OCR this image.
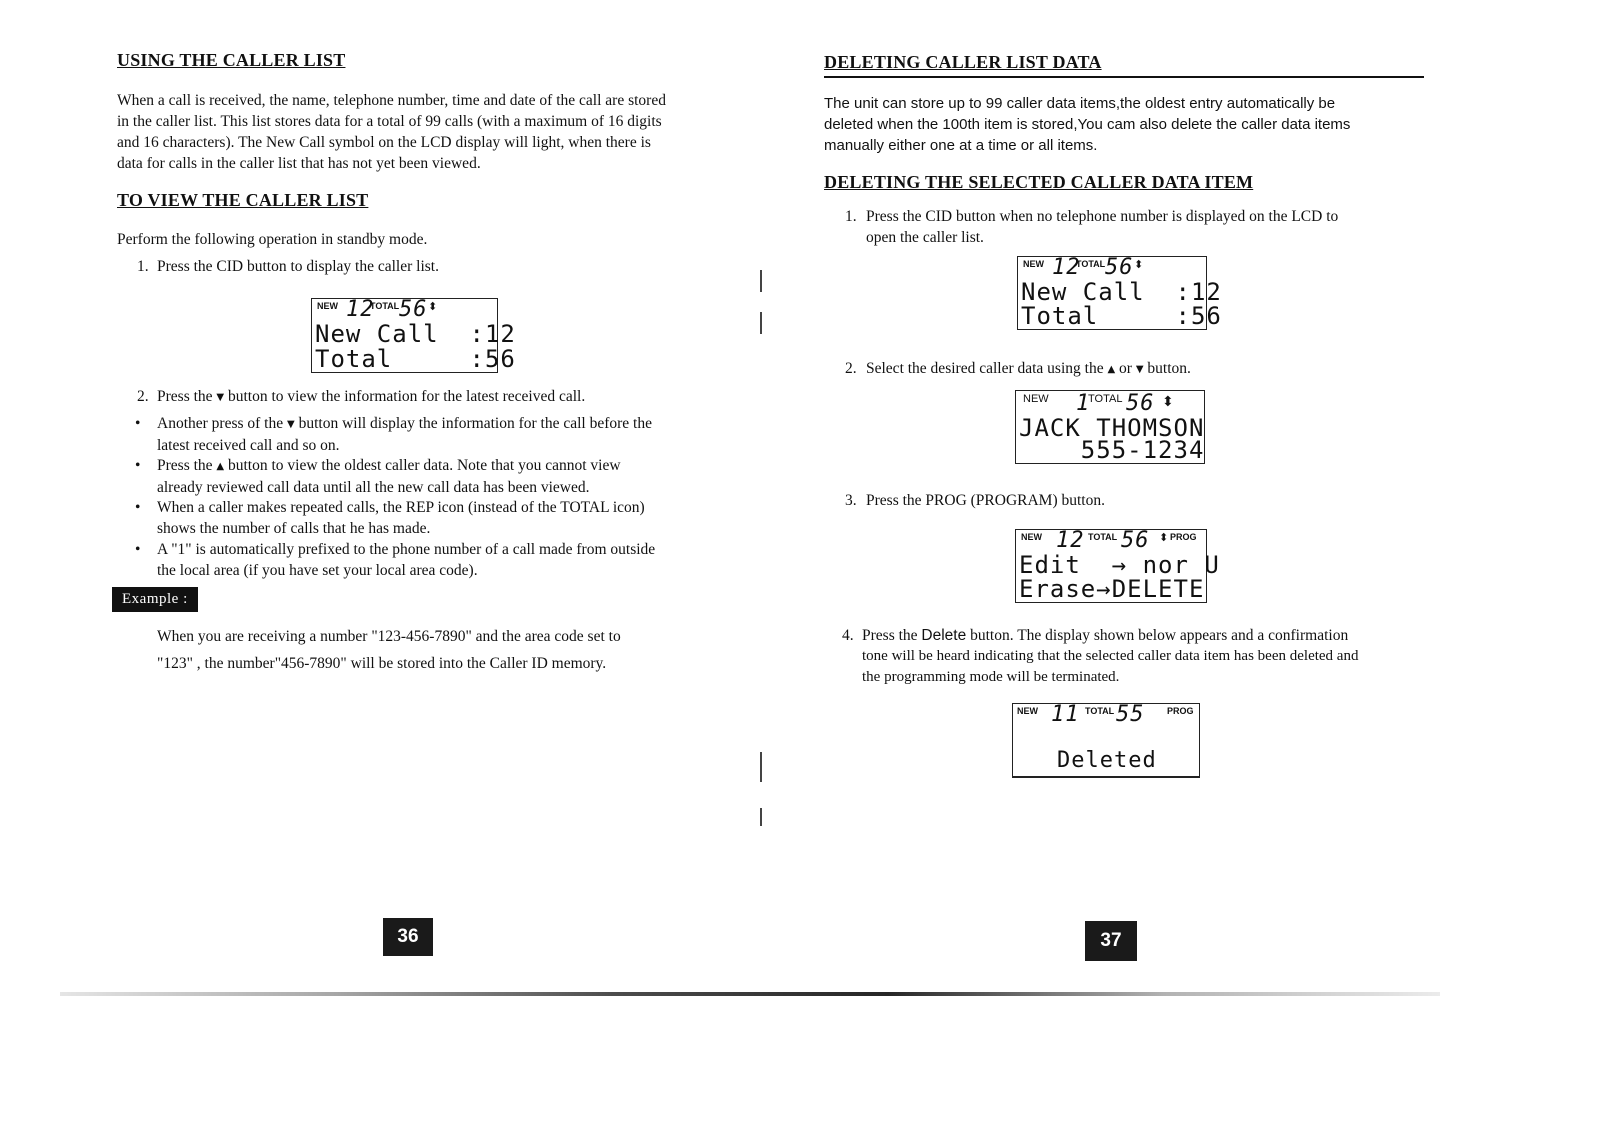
USING THE CALLER LIST
When a call is received, the name, telephone number, time and date of the call are stored
in the caller list. This list stores data for a total of 99 calls (with a maximum of 16 digits
and 16 characters). The New Call symbol on the LCD display will light, when there is
data for calls in the caller list that has not yet been viewed.
TO VIEW THE CALLER LIST
Perform the following operation in standby mode.
1. Press the CID button to display the caller list.
NEW 12
TOTAL 56 ⬍
New Call  :12
Total     :56
2. Press the ▼ button to view the information for the latest received call.
• Another press of the ▼ button will display the information for the call before the
latest received call and so on.
• Press the ▲ button to view the oldest caller data. Note that you cannot view
already reviewed call data until all the new call data has been viewed.
• When a caller makes repeated calls, the REP icon (instead of the TOTAL icon)
shows the number of calls that he has made.
• A "1" is automatically prefixed to the phone number of a call made from outside
the local area (if you have set your local area code).
Example :
When you are receiving a number "123-456-7890" and the area code set to
"123" , the number"456-7890" will be stored into the Caller ID memory.
36
DELETING CALLER LIST DATA
The unit can store up to 99 caller data items,the oldest entry automatically be
deleted when the 100th item is stored,You cam also delete the caller data items
manually either one at a time or all items.
DELETING THE SELECTED CALLER DATA ITEM
1. Press the CID button when no telephone number is displayed on the LCD to
open the caller list.
NEW 12
TOTAL 56 ⬍
New Call  :12
Total     :56
2. Select the desired caller data using the ▲ or ▼ button.
NEW 1
TOTAL 56 ⬍
JACK THOMSON
555-1234
3. Press the PROG (PROGRAM) button.
NEW 12 TOTAL 56 ⬍ PROG
Edit  → nor U
Erase→DELETE
4. Press the Delete button. The display shown below appears and a confirmation
tone will be heard indicating that the selected caller data item has been deleted and
the programming mode will be terminated.
NEW 11 TOTAL 55	PROG
Deleted
37
